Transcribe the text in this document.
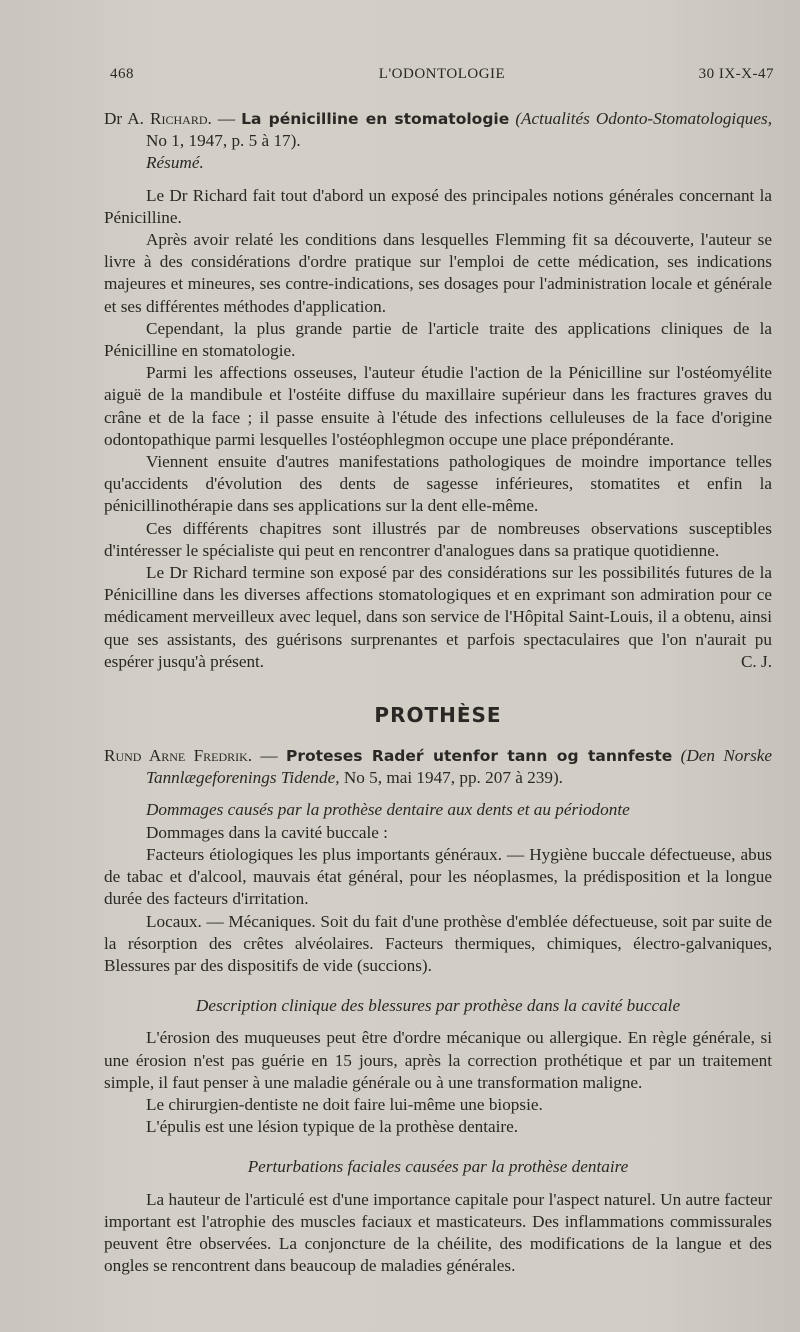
468	L'ODONTOLOGIE	30 IX-X-47

Dr A. Richard. — La pénicilline en stomatologie (Actualités Odonto-Stomatologiques, No 1, 1947, p. 5 à 17).

Résumé.

Le Dr Richard fait tout d'abord un exposé des principales notions générales concernant la Pénicilline.

Après avoir relaté les conditions dans lesquelles Flemming fit sa découverte, l'auteur se livre à des considérations d'ordre pratique sur l'emploi de cette médication, ses indications majeures et mineures, ses contre-indications, ses dosages pour l'administration locale et générale et ses différentes méthodes d'application.

Cependant, la plus grande partie de l'article traite des applications cliniques de la Pénicilline en stomatologie.

Parmi les affections osseuses, l'auteur étudie l'action de la Pénicilline sur l'ostéomyélite aiguë de la mandibule et l'ostéite diffuse du maxillaire supérieur dans les fractures graves du crâne et de la face ; il passe ensuite à l'étude des infections celluleuses de la face d'origine odontopathique parmi lesquelles l'ostéophlegmon occupe une place prépondérante.

Viennent ensuite d'autres manifestations pathologiques de moindre importance telles qu'accidents d'évolution des dents de sagesse inférieures, stomatites et enfin la pénicillinothérapie dans ses applications sur la dent elle-même.

Ces différents chapitres sont illustrés par de nombreuses observations susceptibles d'intéresser le spécialiste qui peut en rencontrer d'analogues dans sa pratique quotidienne.

Le Dr Richard termine son exposé par des considérations sur les possibilités futures de la Pénicilline dans les diverses affections stomatologiques et en exprimant son admiration pour ce médicament merveilleux avec lequel, dans son service de l'Hôpital Saint-Louis, il a obtenu, ainsi que ses assistants, des guérisons surprenantes et parfois spectaculaires que l'on n'aurait pu espérer jusqu'à présent.	C. J.

PROTHÈSE

Rund Arne Fredrik. — Proteses Radeŕ utenfor tann og tannfeste (Den Norske Tannlægeforenings Tidende, No 5, mai 1947, pp. 207 à 239).

Dommages causés par la prothèse dentaire aux dents et au périodonte

Dommages dans la cavité buccale :

Facteurs étiologiques les plus importants généraux. — Hygiène buccale défectueuse, abus de tabac et d'alcool, mauvais état général, pour les néoplasmes, la prédisposition et la longue durée des facteurs d'irritation.

Locaux. — Mécaniques. Soit du fait d'une prothèse d'emblée défectueuse, soit par suite de la résorption des crêtes alvéolaires. Facteurs thermiques, chimiques, électro-galvaniques, Blessures par des dispositifs de vide (succions).

Description clinique des blessures par prothèse dans la cavité buccale

L'érosion des muqueuses peut être d'ordre mécanique ou allergique. En règle générale, si une érosion n'est pas guérie en 15 jours, après la correction prothétique et par un traitement simple, il faut penser à une maladie générale ou à une transformation maligne.

Le chirurgien-dentiste ne doit faire lui-même une biopsie.

L'épulis est une lésion typique de la prothèse dentaire.

Perturbations faciales causées par la prothèse dentaire

La hauteur de l'articulé est d'une importance capitale pour l'aspect naturel. Un autre facteur important est l'atrophie des muscles faciaux et masticateurs. Des inflammations commissurales peuvent être observées. La conjoncture de la chéilite, des modifications de la langue et des ongles se rencontrent dans beaucoup de maladies générales.
